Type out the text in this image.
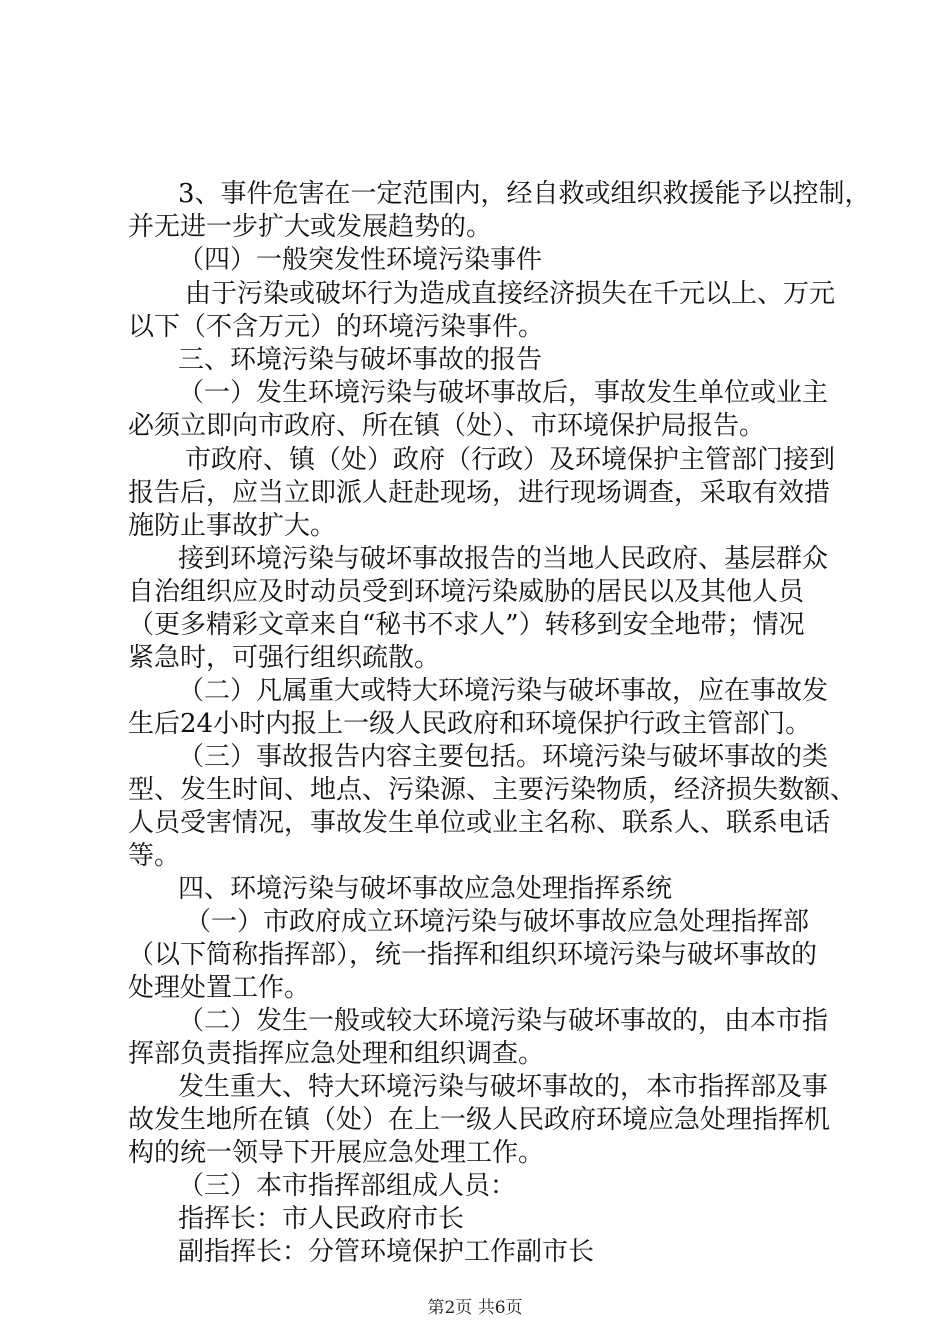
3、事件危害在一定范围内，经自救或组织救援能予以控制，
并无进一步扩大或发展趋势的。
（四）一般突发性环境污染事件
由于污染或破坏行为造成直接经济损失在千元以上、万元
以下（不含万元）的环境污染事件。
三、环境污染与破坏事故的报告
（一）发生环境污染与破坏事故后，事故发生单位或业主
必须立即向市政府、所在镇（处）、市环境保护局报告。
市政府、镇（处）政府（行政）及环境保护主管部门接到
报告后，应当立即派人赶赴现场，进行现场调查，采取有效措
施防止事故扩大。
接到环境污染与破坏事故报告的当地人民政府、基层群众
自治组织应及时动员受到环境污染威胁的居民以及其他人员
（更多精彩文章来自“秘书不求人”）转移到安全地带；情况
紧急时，可强行组织疏散。
（二）凡属重大或特大环境污染与破坏事故，应在事故发
生后24小时内报上一级人民政府和环境保护行政主管部门。
（三）事故报告内容主要包括。环境污染与破坏事故的类
型、发生时间、地点、污染源、主要污染物质，经济损失数额、
人员受害情况，事故发生单位或业主名称、联系人、联系电话
等。
四、环境污染与破坏事故应急处理指挥系统
（一）市政府成立环境污染与破坏事故应急处理指挥部
（以下简称指挥部），统一指挥和组织环境污染与破坏事故的
处理处置工作。
（二）发生一般或较大环境污染与破坏事故的，由本市指
挥部负责指挥应急处理和组织调查。
发生重大、特大环境污染与破坏事故的，本市指挥部及事
故发生地所在镇（处）在上一级人民政府环境应急处理指挥机
构的统一领导下开展应急处理工作。
（三）本市指挥部组成人员：
指挥长：市人民政府市长
副指挥长：分管环境保护工作副市长
第2页 共6页
